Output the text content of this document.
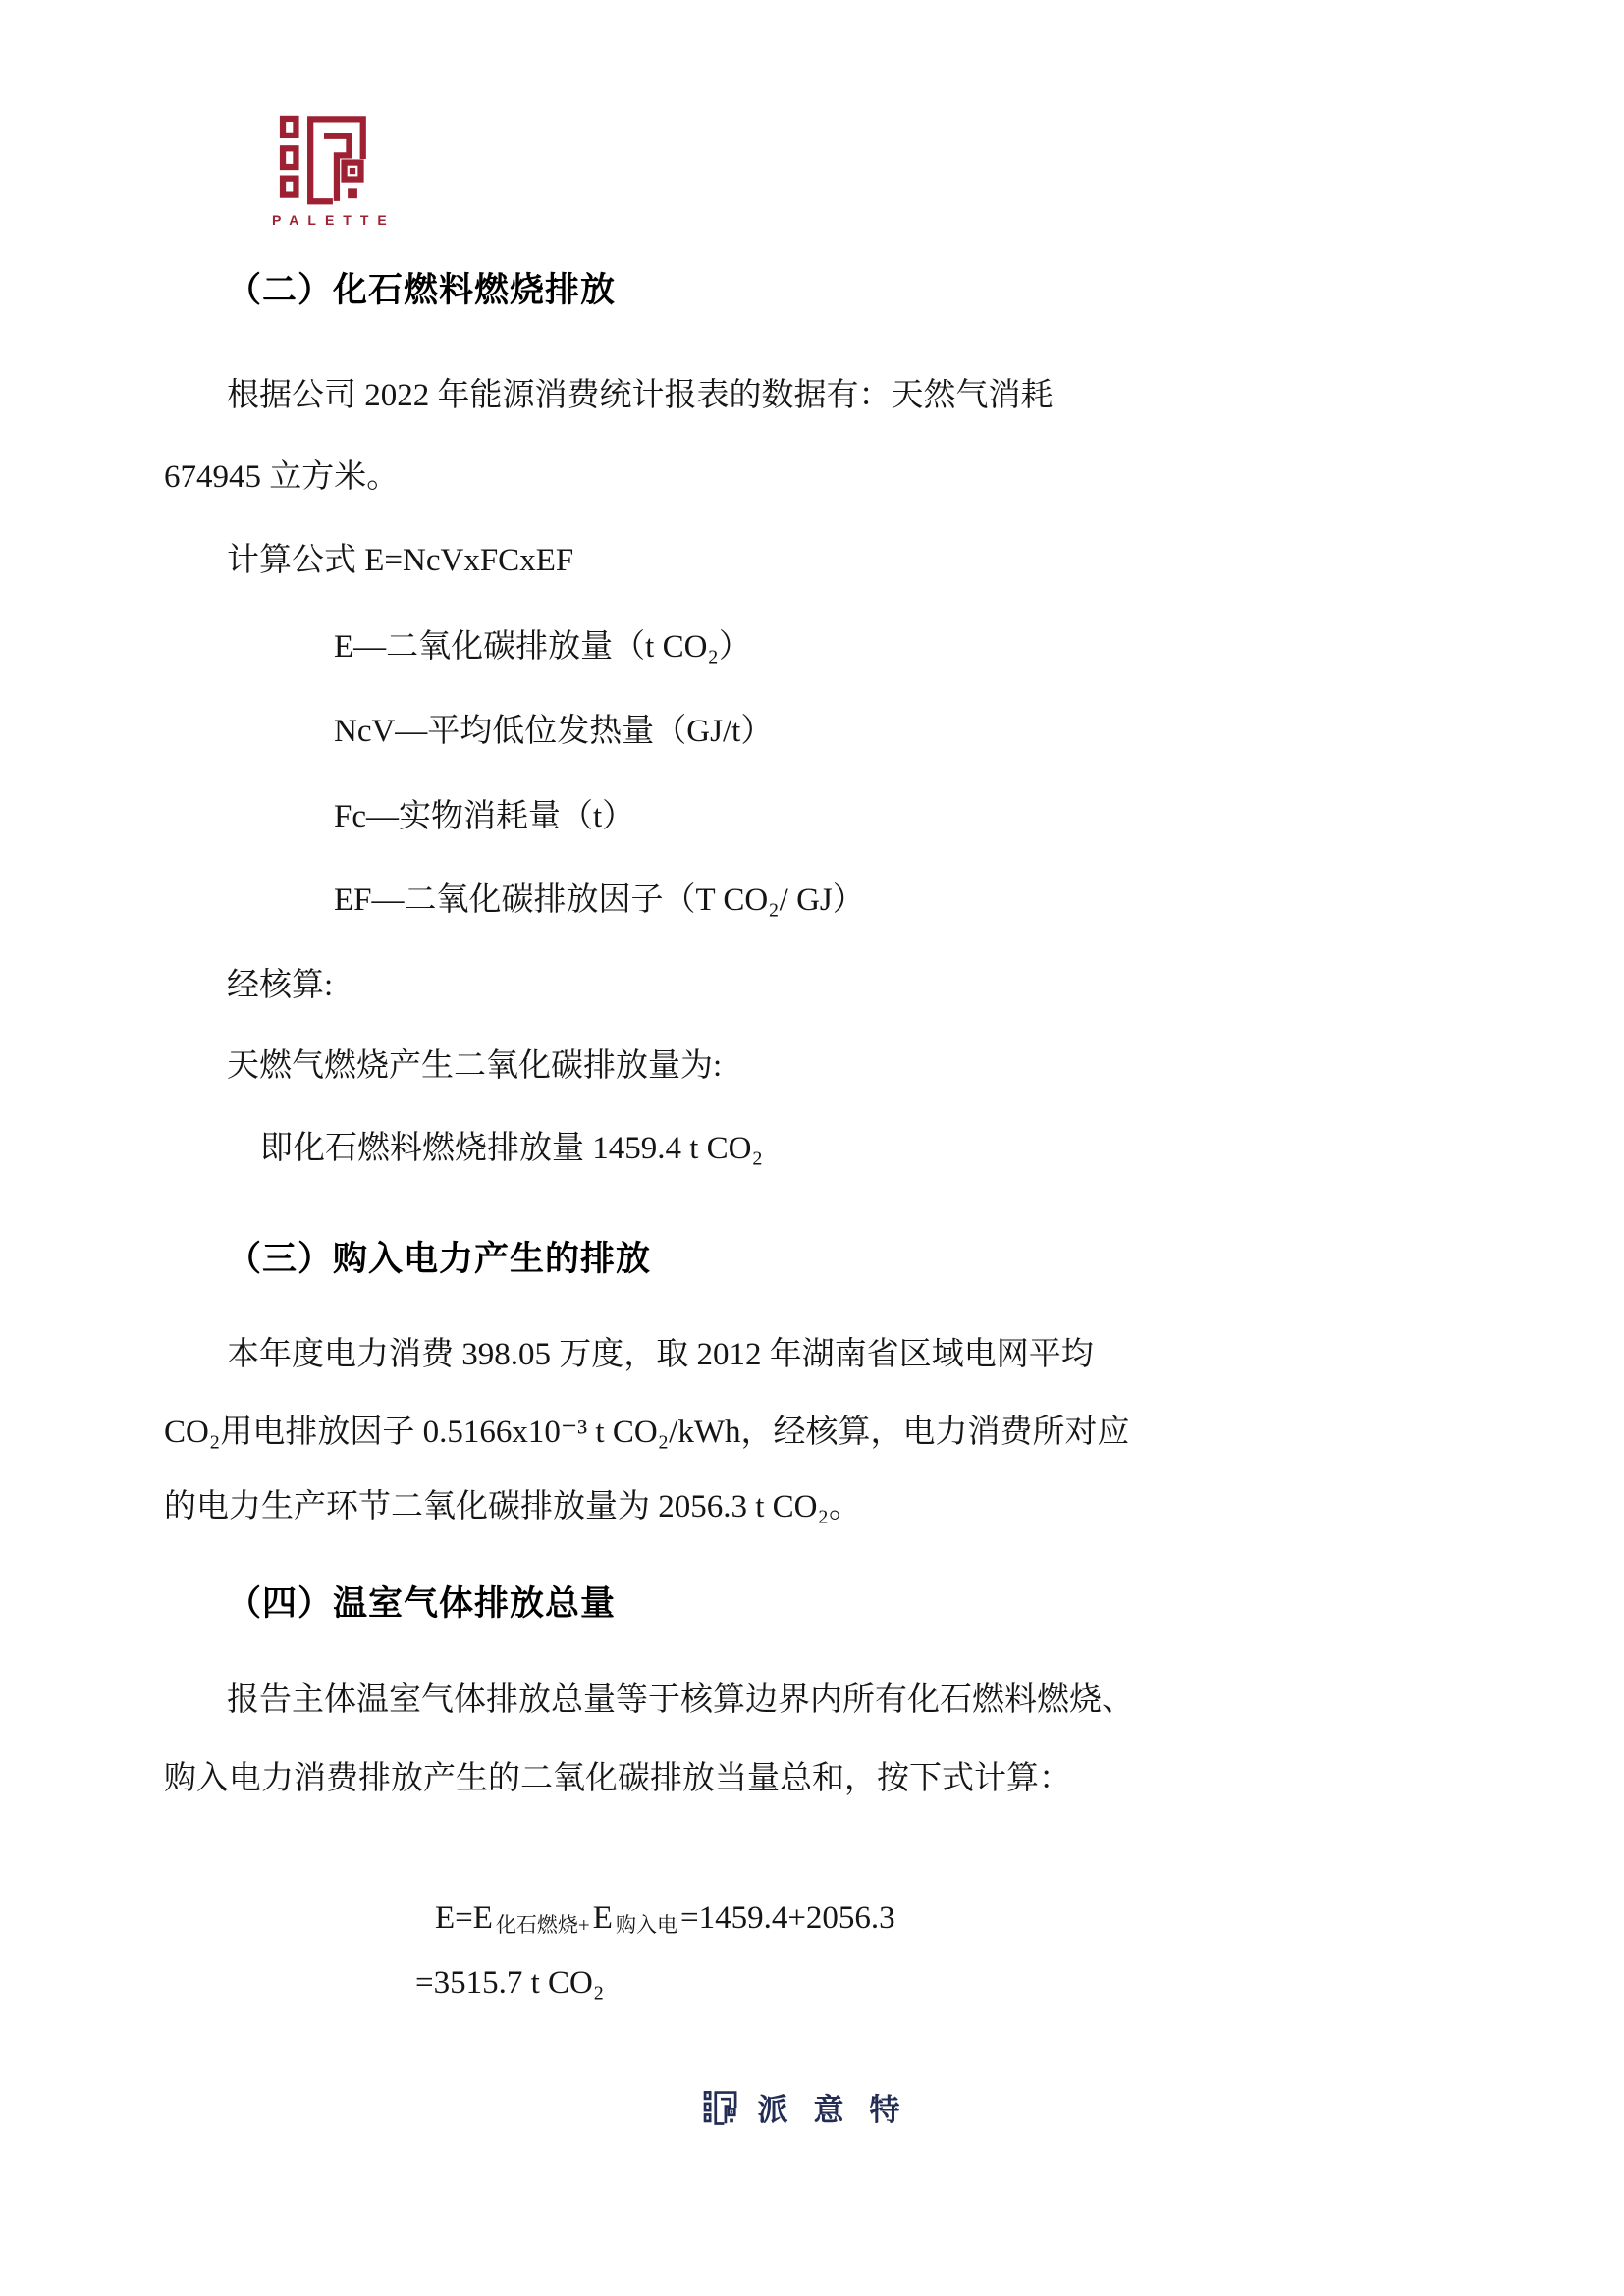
PALETTE
（二）化石燃料燃烧排放
根据公司 2022 年能源消费统计报表的数据有：天然气消耗
674945 立方米。
计算公式 E=NcVxFCxEF
E—二氧化碳排放量（t CO₂）
NcV—平均低位发热量（GJ/t）
Fc—实物消耗量（t）
EF—二氧化碳排放因子（T CO₂/ GJ）
经核算:
天燃气燃烧产生二氧化碳排放量为:
即化石燃料燃烧排放量 1459.4 t CO₂
（三）购入电力产生的排放
本年度电力消费 398.05 万度，取 2012 年湖南省区域电网平均
CO₂用电排放因子 0.5166x10⁻³ t CO₂/kWh，经核算，电力消费所对应
的电力生产环节二氧化碳排放量为 2056.3 t CO₂。
（四）温室气体排放总量
报告主体温室气体排放总量等于核算边界内所有化石燃料燃烧、
购入电力消费排放产生的二氧化碳排放当量总和，按下式计算：

E=E 化石燃烧+E 购入电=1459.4+2056.3

=3515.7 t CO₂
派意特
